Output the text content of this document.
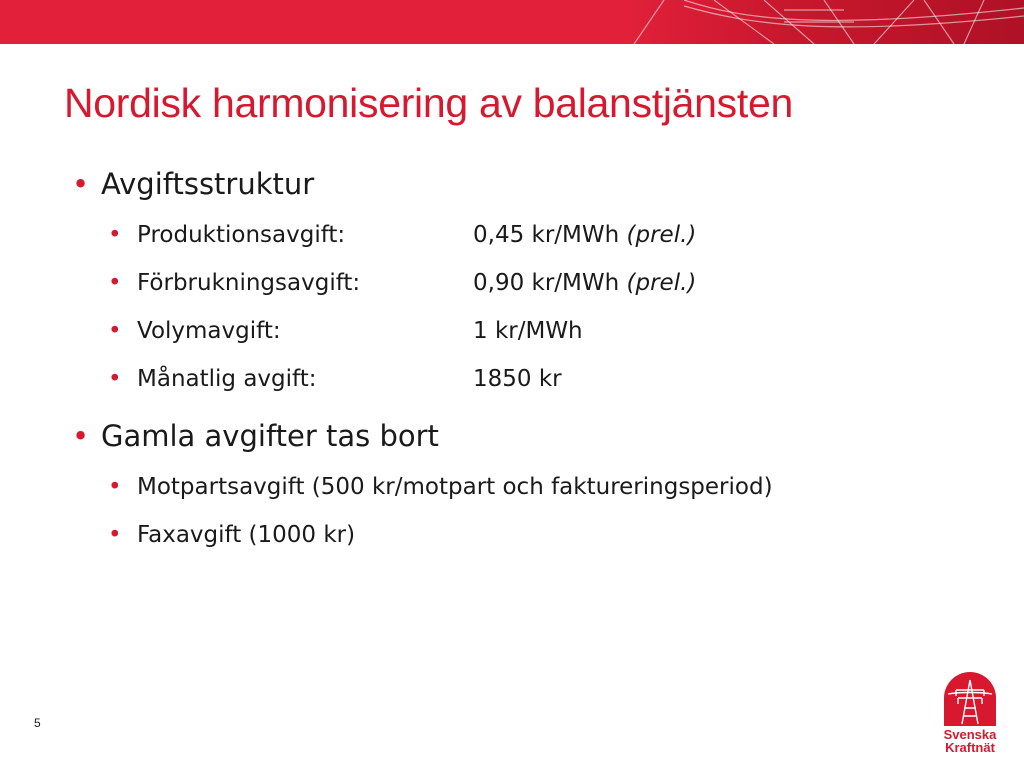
Nordisk harmonisering av balanstjänsten
• Avgiftsstruktur
• Produktionsavgift:	0,45 kr/MWh (prel.)
• Förbrukningsavgift:	0,90 kr/MWh (prel.)
• Volymavgift:	1 kr/MWh
• Månatlig avgift:	1850 kr
• Gamla avgifter tas bort
• Motpartsavgift (500 kr/motpart och faktureringsperiod)
• Faxavgift (1000 kr)
5
Svenska
Kraftnät
